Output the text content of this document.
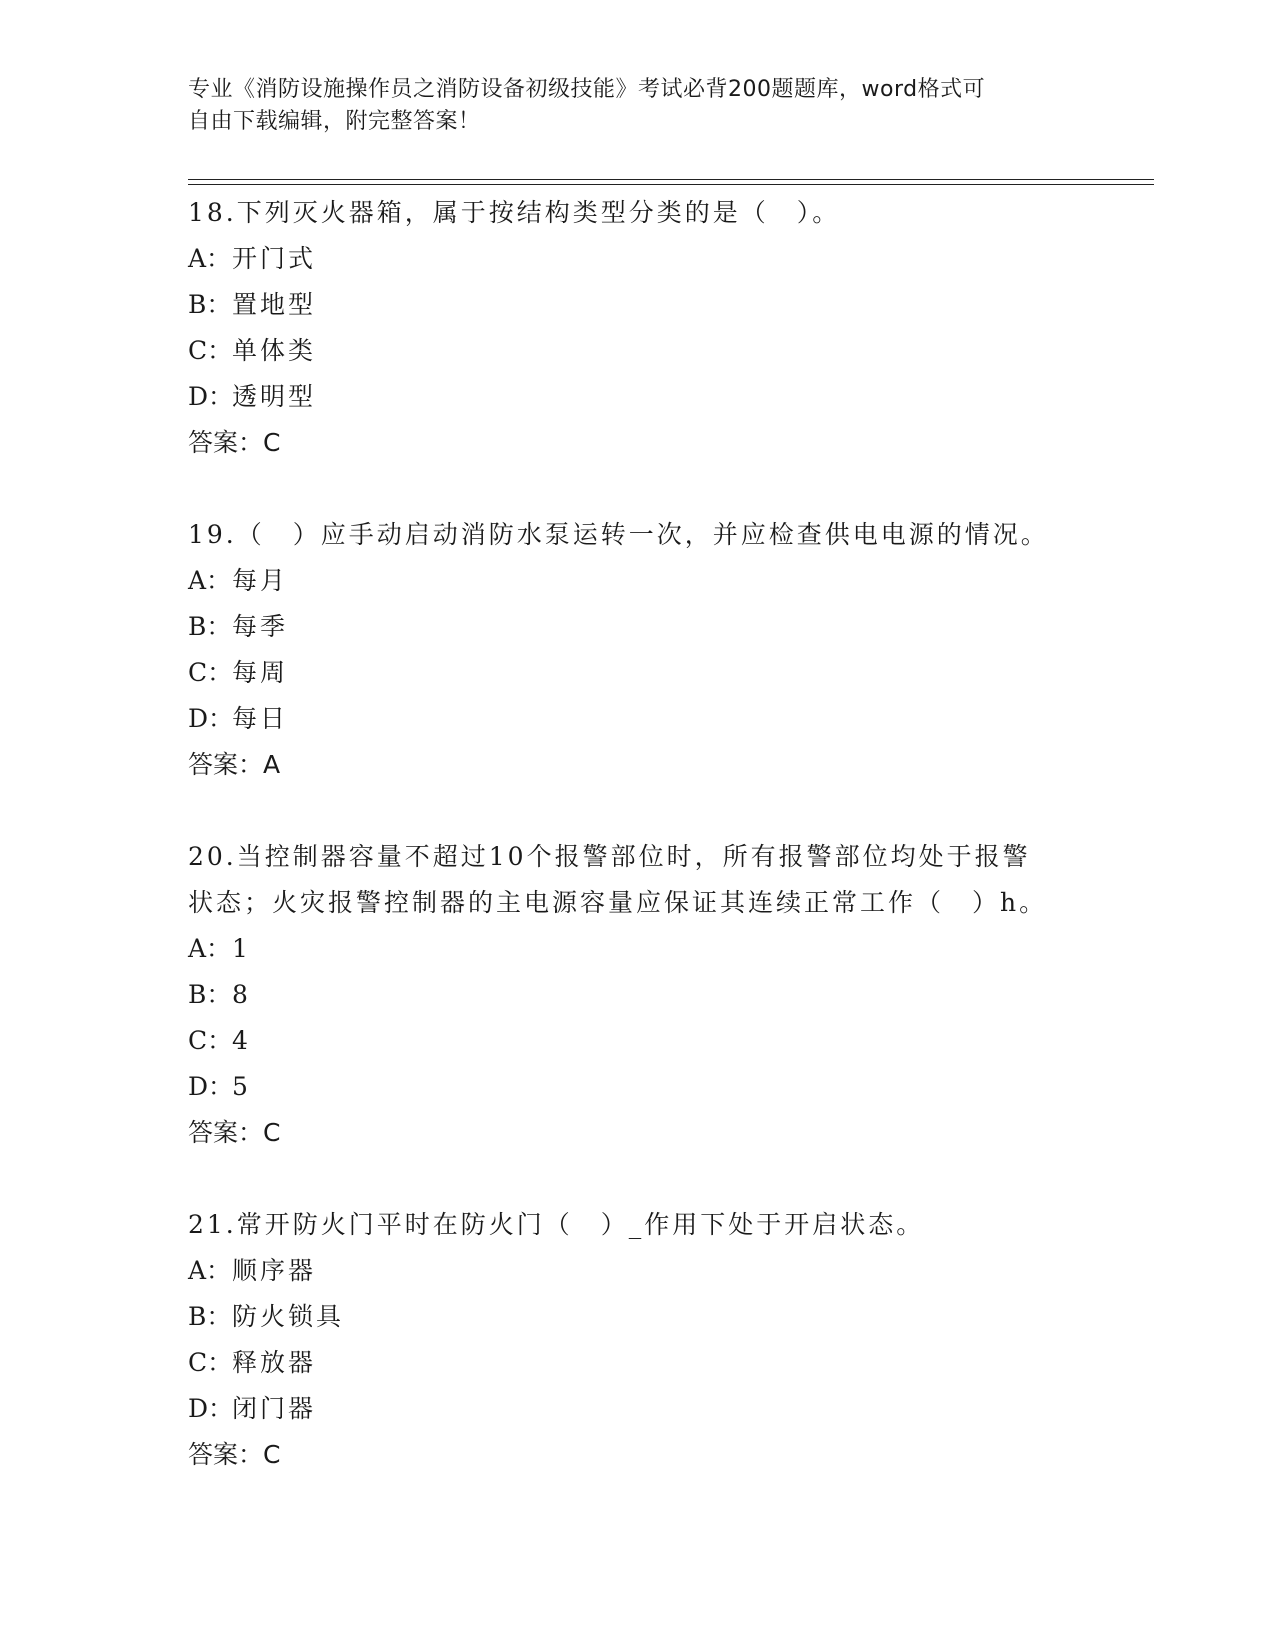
专业《消防设施操作员之消防设备初级技能》考试必背200题题库，word格式可
自由下载编辑，附完整答案！
18.下列灭火器箱，属于按结构类型分类的是（　）。
A：开门式
B：置地型
C：单体类
D：透明型
答案：C
19.（　）应手动启动消防水泵运转一次，并应检查供电电源的情况。
A：每月
B：每季
C：每周
D：每日
答案：A
20.当控制器容量不超过10个报警部位时，所有报警部位均处于报警
状态；火灾报警控制器的主电源容量应保证其连续正常工作（　）h。
A：1
B：8
C：4
D：5
答案：C
21.常开防火门平时在防火门（　）_作用下处于开启状态。
A：顺序器
B：防火锁具
C：释放器
D：闭门器
答案：C
